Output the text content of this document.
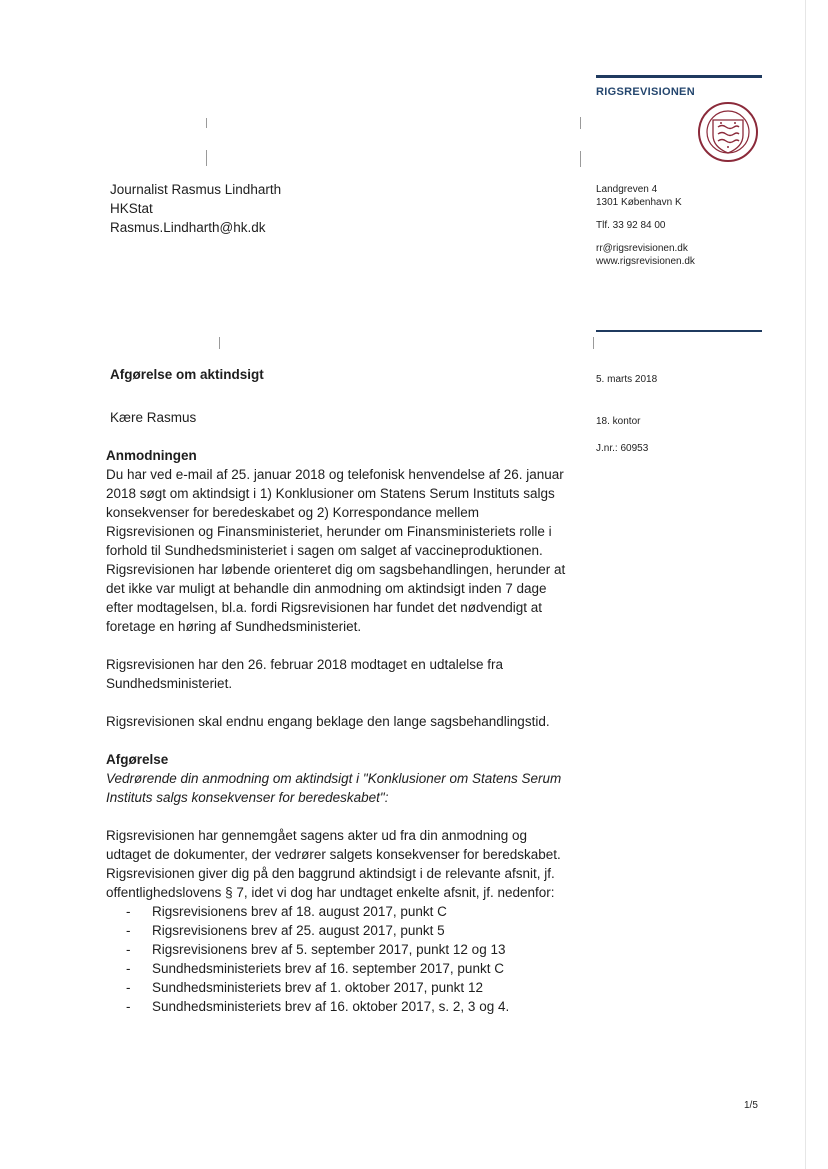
RIGSREVISIONEN
Landgreven 4
1301 København K
Tlf. 33 92 84 00
rr@rigsrevisionen.dk
www.rigsrevisionen.dk
5. marts 2018
18. kontor
J.nr.: 60953
Journalist Rasmus Lindharth
HKStat
Rasmus.Lindharth@hk.dk
Afgørelse om aktindsigt
Kære Rasmus
Anmodningen

Du har ved e-mail af 25. januar 2018 og telefonisk henvendelse af 26. januar 2018 søgt om aktindsigt i 1) Konklusioner om Statens Serum Instituts salgs konsekvenser for beredeskabet og 2) Korrespondance mellem Rigsrevisionen og Finansministeriet, herunder om Finansministeriets rolle i forhold til Sundhedsministeriet i sagen om salget af vaccineproduktionen. Rigsrevisionen har løbende orienteret dig om sagsbehandlingen, herunder at det ikke var muligt at behandle din anmodning om aktindsigt inden 7 dage efter modtagelsen, bl.a. fordi Rigsrevisionen har fundet det nødvendigt at foretage en høring af Sundhedsministeriet.

Rigsrevisionen har den 26. februar 2018 modtaget en udtalelse fra Sundhedsministeriet.

Rigsrevisionen skal endnu engang beklage den lange sagsbehandlingstid.

Afgørelse

Vedrørende din anmodning om aktindsigt i "Konklusioner om Statens Serum Instituts salgs konsekvenser for beredeskabet":

Rigsrevisionen har gennemgået sagens akter ud fra din anmodning og udtaget de dokumenter, der vedrører salgets konsekvenser for beredskabet. Rigsrevisionen giver dig på den baggrund aktindsigt i de relevante afsnit, jf. offentlighedslovens § 7, idet vi dog har undtaget enkelte afsnit, jf. nedenfor:

- Rigsrevisionens brev af 18. august 2017, punkt C
- Rigsrevisionens brev af 25. august 2017, punkt 5
- Rigsrevisionens brev af 5. september 2017, punkt 12 og 13
- Sundhedsministeriets brev af 16. september 2017, punkt C
- Sundhedsministeriets brev af 1. oktober 2017, punkt 12
- Sundhedsministeriets brev af 16. oktober 2017, s. 2, 3 og 4.
1/5
